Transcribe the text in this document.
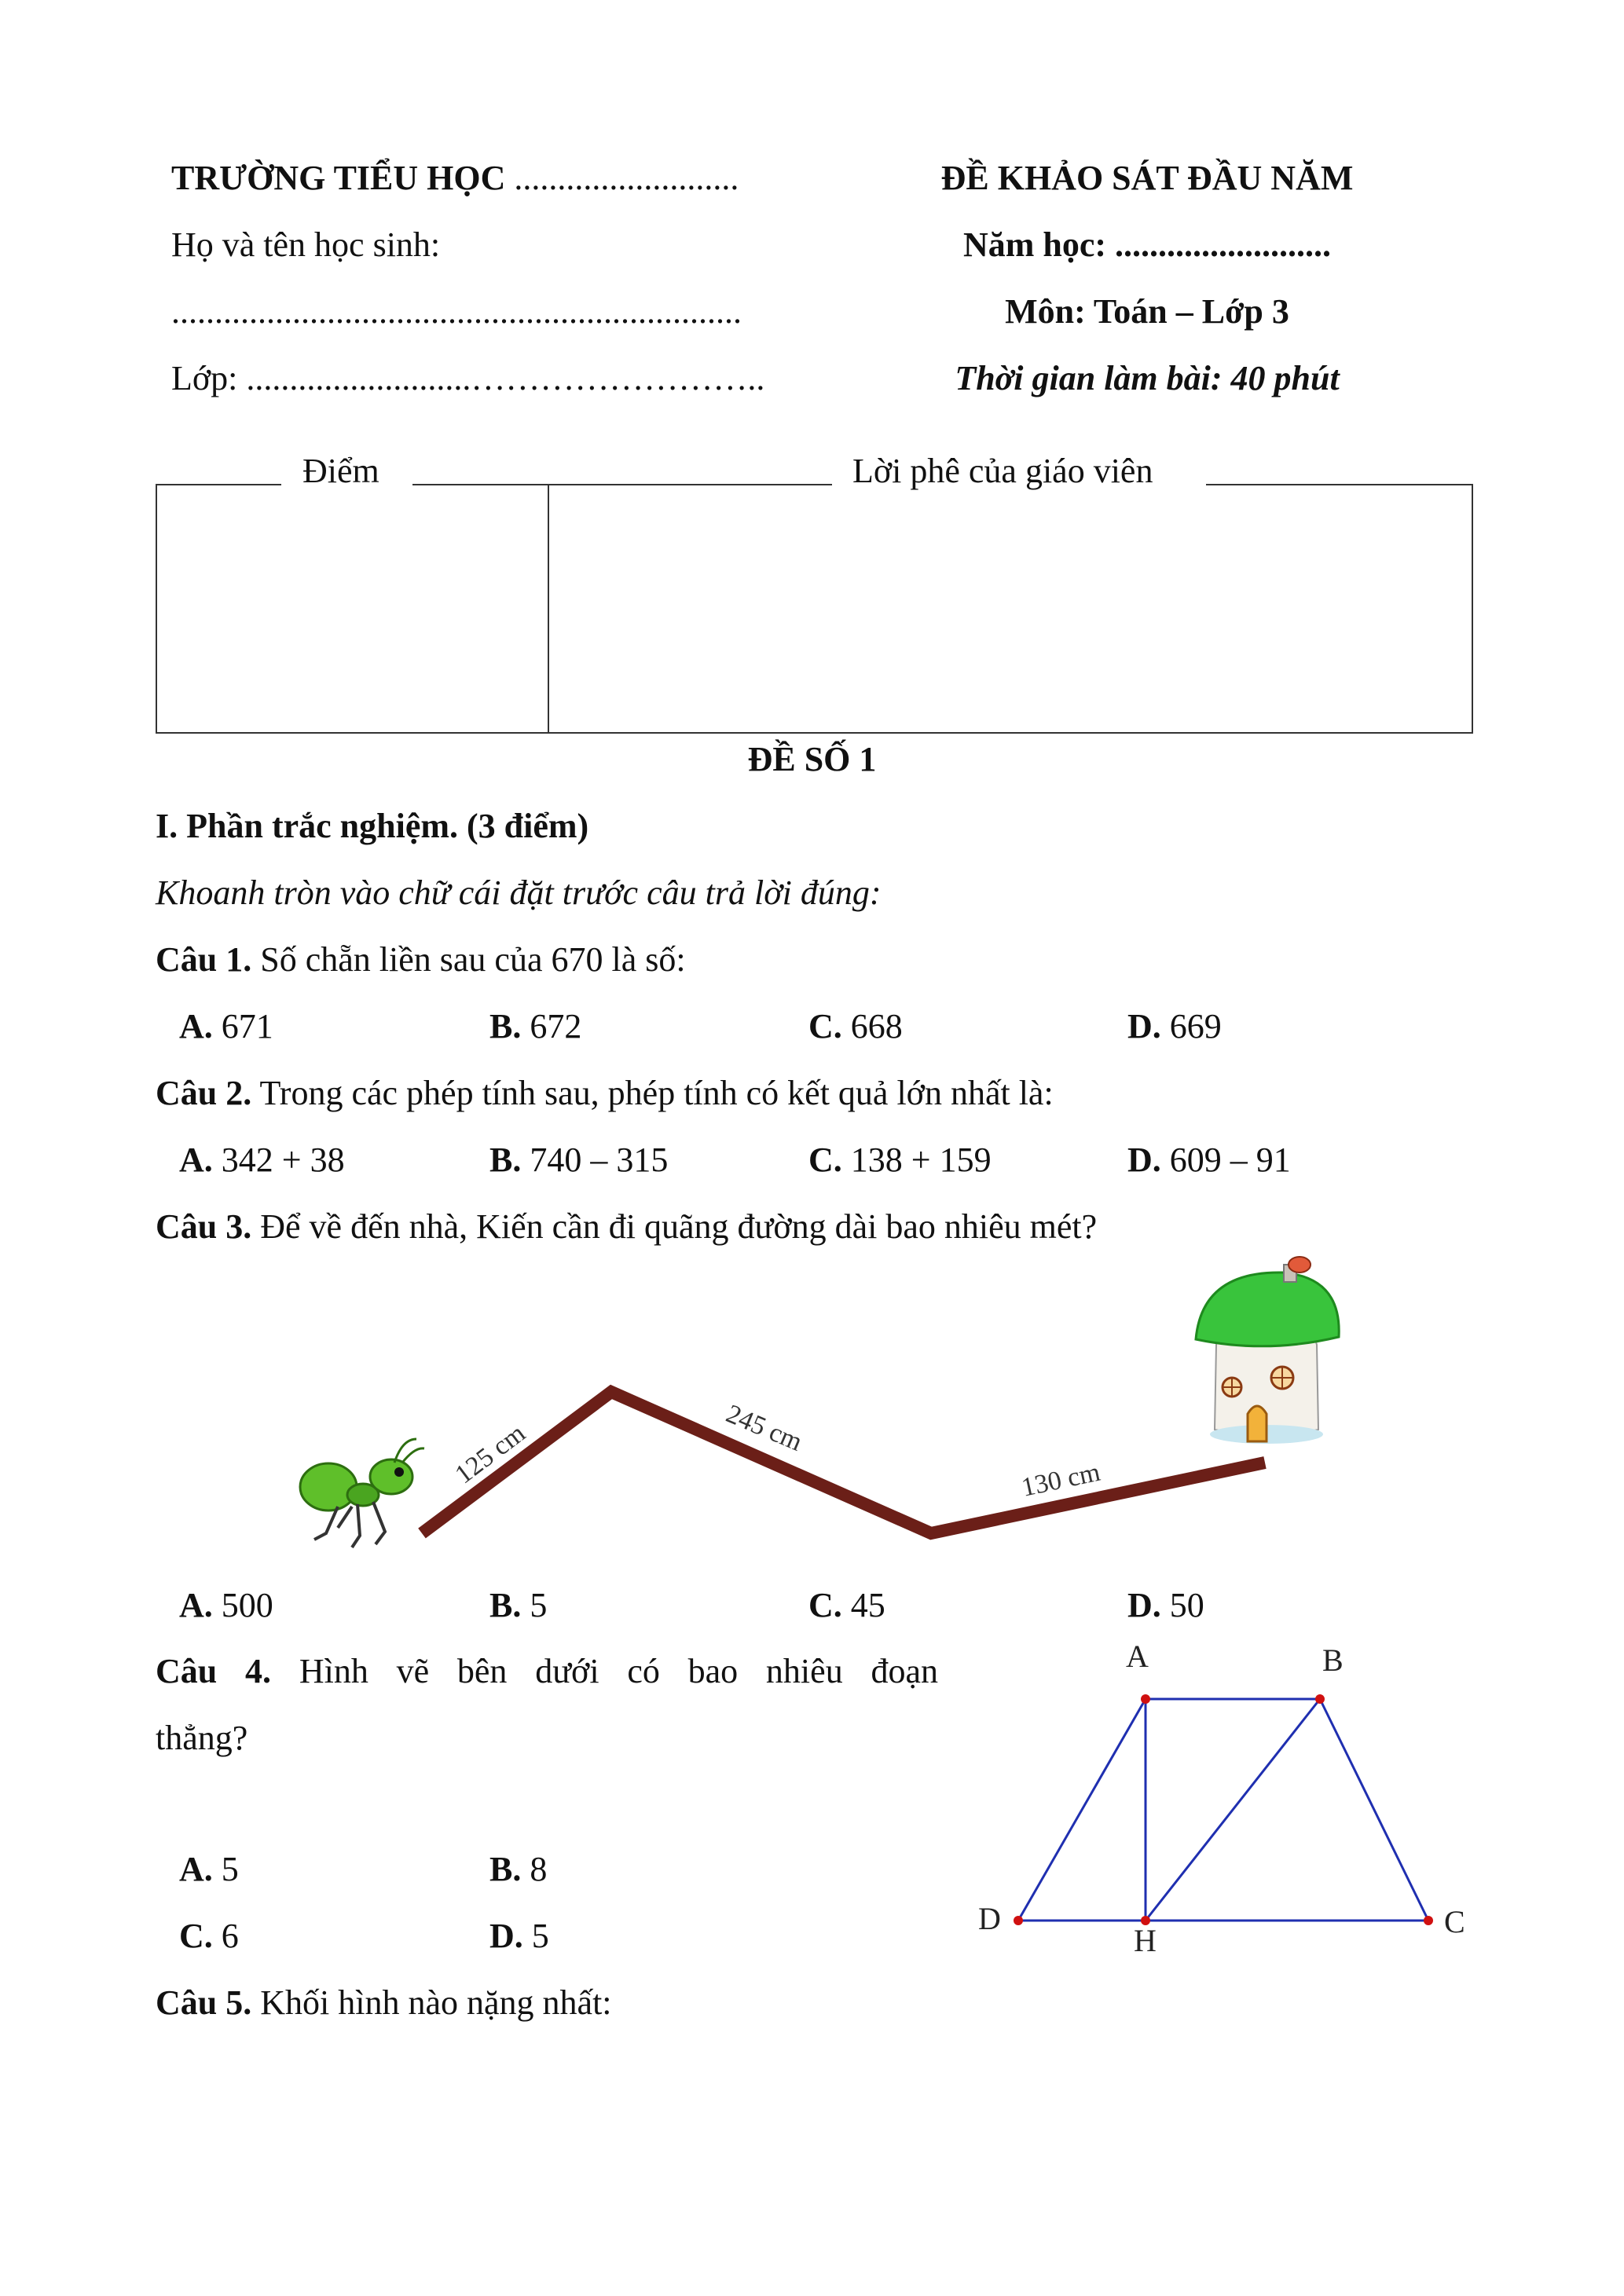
TRƯỜNG TIỂU HỌC ..........................
Họ và tên học sinh:
..................................................................
Lớp: ..........................……………………..
ĐỀ KHẢO SÁT ĐẦU NĂM
Năm học: .........................
Môn: Toán – Lớp 3
Thời gian làm bài: 40 phút
Điểm	Lời phê của giáo viên
ĐỀ SỐ 1
I. Phần trắc nghiệm. (3 điểm)
Khoanh tròn vào chữ cái đặt trước câu trả lời đúng:
Câu 1. Số chẵn liền sau của 670 là số:
A. 671	B. 672	C. 668	D. 669
Câu 2. Trong các phép tính sau, phép tính có kết quả lớn nhất là:
A. 342 + 38	B. 740 – 315	C. 138 + 159	D. 609 – 91
Câu 3. Để về đến nhà, Kiến cần đi quãng đường dài bao nhiêu mét?
125 cm	245 cm
130 cm
A. 500	B. 5	C. 45	D. 50
Câu 4. Hình vẽ bên dưới có bao nhiêu đoạn
thẳng?
A. 5	B. 8
C. 6	D. 5
A	B
C
D
H
Câu 5. Khối hình nào nặng nhất:
